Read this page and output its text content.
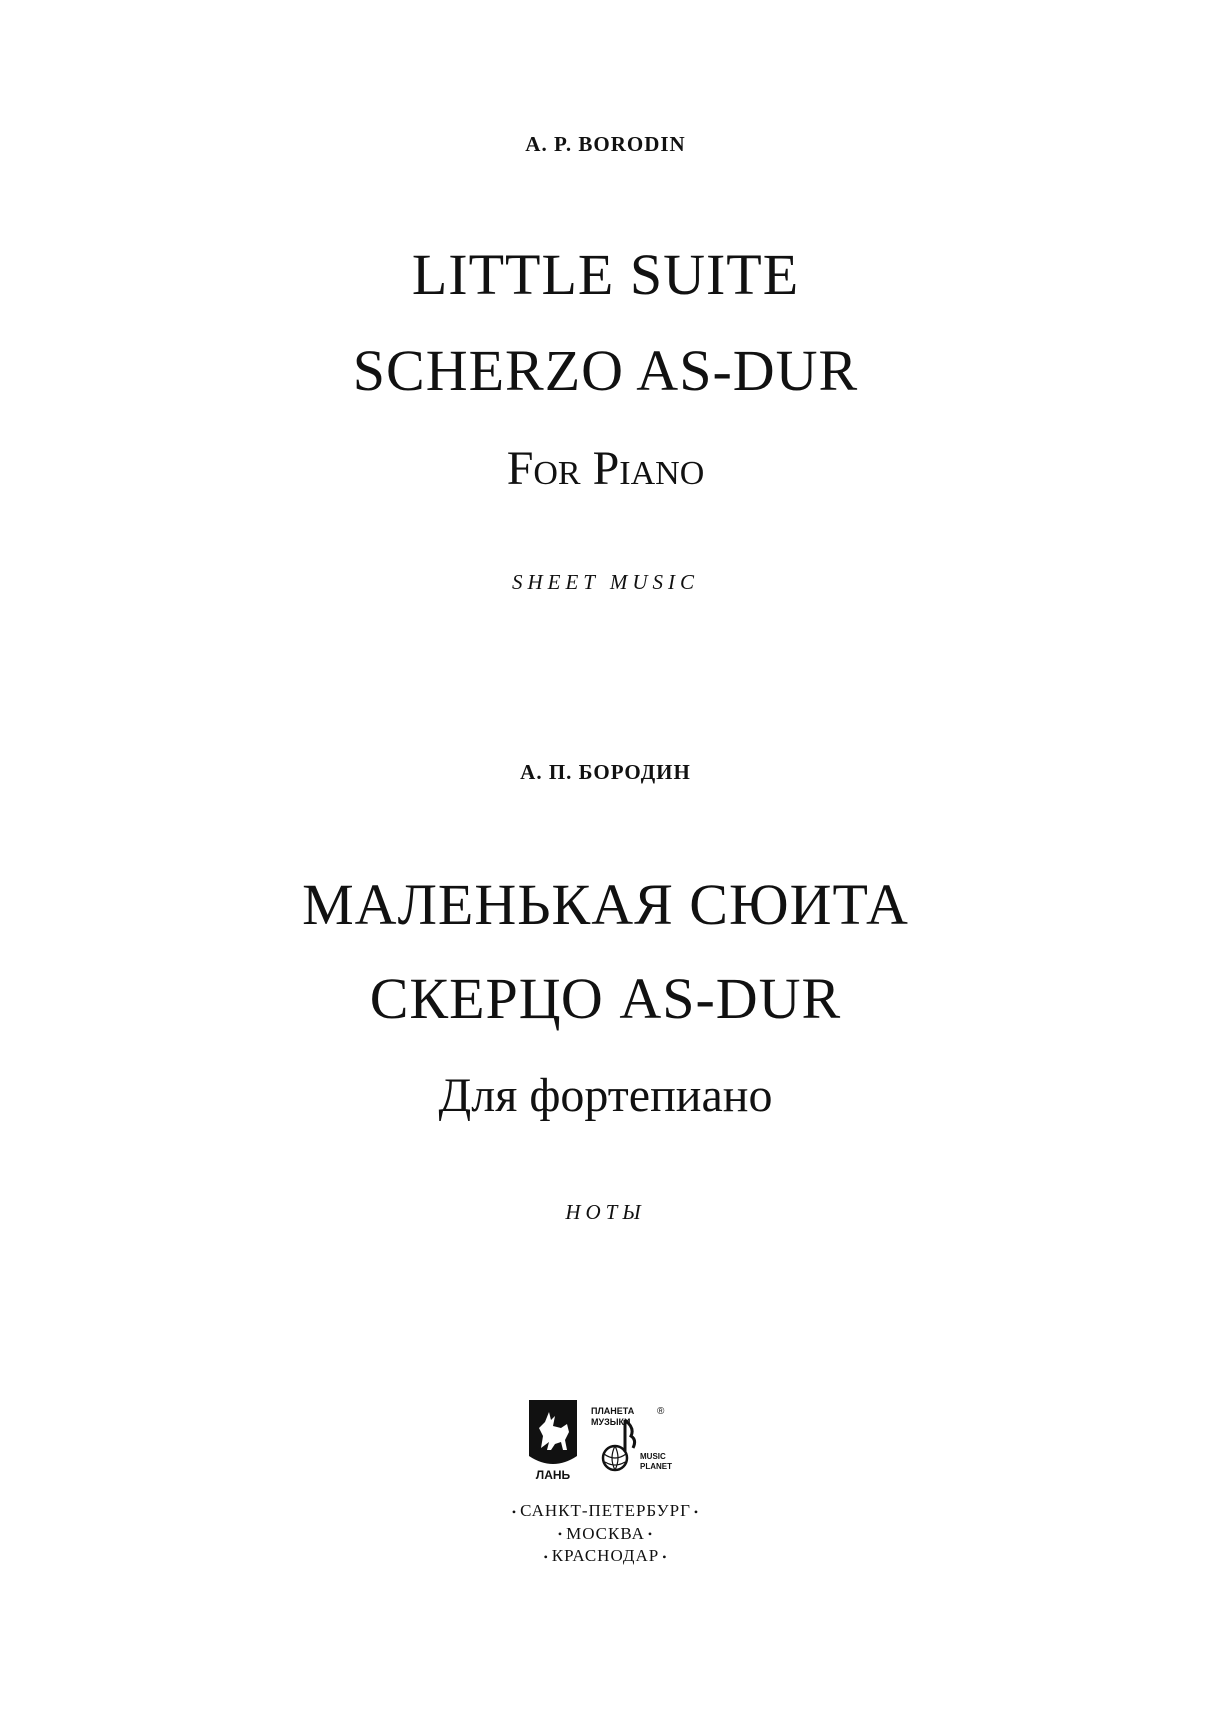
A. P. BORODIN
LITTLE SUITE
SCHERZO AS-DUR
For Piano
SHEET MUSIC
А. П. БОРОДИН
МАЛЕНЬКАЯ СЮИТА
СКЕРЦО AS-DUR
Для фортепиано
НОТЫ
ЛАНЬ
ПЛАНЕТА
МУЗЫКИ
®
MUSIC
PLANET
• САНКТ-ПЕТЕРБУРГ •
• МОСКВА •
• КРАСНОДАР •
